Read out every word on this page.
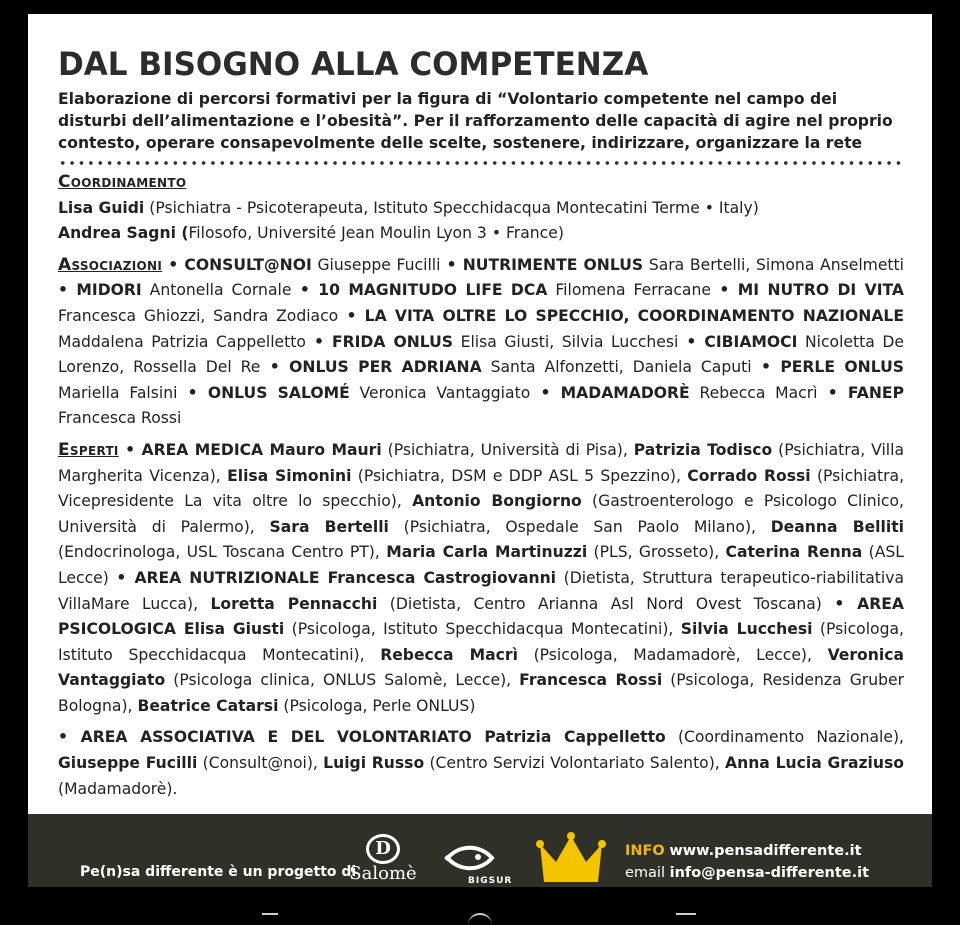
DAL BISOGNO ALLA COMPETENZA

Elaborazione di percorsi formativi per la figura di “Volontario competente nel campo dei disturbi dell’alimentazione e l’obesità”. Per il rafforzamento delle capacità di agire nel proprio contesto, operare consapevolmente delle scelte, sostenere, indirizzare, organizzare la rete

Coordinamento
Lisa Guidi (Psichiatra - Psicoterapeuta, Istituto Specchidacqua Montecatini Terme • Italy)
Andrea Sagni (Filosofo, Université Jean Moulin Lyon 3 • France)

Associazioni • CONSULT@NOI Giuseppe Fucilli • NUTRIMENTE ONLUS Sara Bertelli, Simona Anselmetti • MIDORI Antonella Cornale • 10 MAGNITUDO LIFE DCA Filomena Ferracane • MI NUTRO DI VITA Francesca Ghiozzi, Sandra Zodiaco • LA VITA OLTRE LO SPECCHIO, COORDINAMENTO NAZIONALE Maddalena Patrizia Cappelletto • FRIDA ONLUS Elisa Giusti, Silvia Lucchesi • CIBIAMOCI Nicoletta De Lorenzo, Rossella Del Re • ONLUS PER ADRIANA Santa Alfonzetti, Daniela Caputi • PERLE ONLUS Mariella Falsini • ONLUS SALOMÉ Veronica Vantaggiato • MADAMADORÈ Rebecca Macrì • FANEP Francesca Rossi

Esperti • AREA MEDICA Mauro Mauri (Psichiatra, Università di Pisa), Patrizia Todisco (Psichiatra, Villa Margherita Vicenza), Elisa Simonini (Psichiatra, DSM e DDP ASL 5 Spezzino), Corrado Rossi (Psichiatra, Vicepresidente La vita oltre lo specchio), Antonio Bongiorno (Gastroenterologo e Psicologo Clinico, Università di Palermo), Sara Bertelli (Psichiatra, Ospedale San Paolo Milano), Deanna Belliti (Endocrinologa, USL Toscana Centro PT), Maria Carla Martinuzzi (PLS, Grosseto), Caterina Renna (ASL Lecce) • AREA NUTRIZIONALE Francesca Castrogiovanni (Dietista, Struttura terapeutico-riabilitativa VillaMare Lucca), Loretta Pennacchi (Dietista, Centro Arianna Asl Nord Ovest Toscana) • AREA PSICOLOGICA Elisa Giusti (Psicologa, Istituto Specchidacqua Montecatini), Silvia Lucchesi (Psicologa, Istituto Specchidacqua Montecatini), Rebecca Macrì (Psicologa, Madamadorè, Lecce), Veronica Vantaggiato (Psicologa clinica, ONLUS Salomè, Lecce), Francesca Rossi (Psicologa, Residenza Gruber Bologna), Beatrice Catarsi (Psicologa, Perle ONLUS)

• AREA ASSOCIATIVA E DEL VOLONTARIATO Patrizia Cappelletto (Coordinamento Nazionale), Giuseppe Fucilli (Consult@noi), Luigi Russo (Centro Servizi Volontariato Salento), Anna Lucia Graziuso (Madamadorè).

Pe(n)sa differente è un progetto di
D
Salomè	BIGSUR
INFO www.pensadifferente.it
email info@pensa-differente.it
